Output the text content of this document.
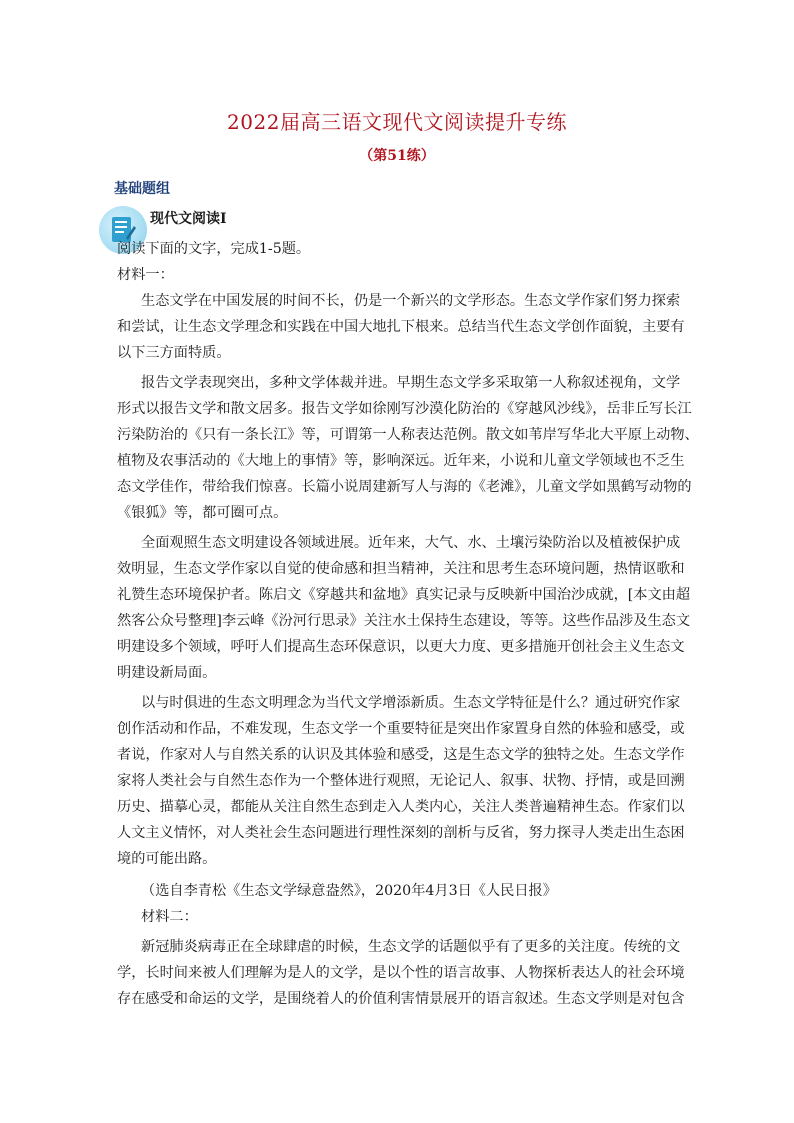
2022届高三语文现代文阅读提升专练
（第51练）
基础题组
现代文阅读Ⅰ
阅读下面的文字，完成1-5题。
材料一：
生态文学在中国发展的时间不长，仍是一个新兴的文学形态。生态文学作家们努力探索
和尝试，让生态文学理念和实践在中国大地扎下根来。总结当代生态文学创作面貌，主要有
以下三方面特质。
报告文学表现突出，多种文学体裁并进。早期生态文学多采取第一人称叙述视角，文学
形式以报告文学和散文居多。报告文学如徐刚写沙漠化防治的《穿越风沙线》，岳非丘写长江
污染防治的《只有一条长江》等，可谓第一人称表达范例。散文如苇岸写华北大平原上动物、
植物及农事活动的《大地上的事情》等，影响深远。近年来，小说和儿童文学领域也不乏生
态文学佳作，带给我们惊喜。长篇小说周建新写人与海的《老滩》，儿童文学如黑鹤写动物的
《银狐》等，都可圈可点。
全面观照生态文明建设各领域进展。近年来，大气、水、土壤污染防治以及植被保护成
效明显，生态文学作家以自觉的使命感和担当精神，关注和思考生态环境问题，热情讴歌和
礼赞生态环境保护者。陈启文《穿越共和盆地》真实记录与反映新中国治沙成就，[本文由超
然客公众号整理]李云峰《汾河行思录》关注水土保持生态建设，等等。这些作品涉及生态文
明建设多个领域，呼吁人们提高生态环保意识，以更大力度、更多措施开创社会主义生态文
明建设新局面。
以与时俱进的生态文明理念为当代文学增添新质。生态文学特征是什么？通过研究作家
创作活动和作品，不难发现，生态文学一个重要特征是突出作家置身自然的体验和感受，或
者说，作家对人与自然关系的认识及其体验和感受，这是生态文学的独特之处。生态文学作
家将人类社会与自然生态作为一个整体进行观照，无论记人、叙事、状物、抒情，或是回溯
历史、描摹心灵，都能从关注自然生态到走入人类内心，关注人类普遍精神生态。作家们以
人文主义情怀，对人类社会生态问题进行理性深刻的剖析与反省，努力探寻人类走出生态困
境的可能出路。
（选自李青松《生态文学绿意盎然》，2020年4月3日《人民日报》
材料二：
新冠肺炎病毒正在全球肆虐的时候，生态文学的话题似乎有了更多的关注度。传统的文
学，长时间来被人们理解为是人的文学，是以个性的语言故事、人物探析表达人的社会环境
存在感受和命运的文学，是围绕着人的价值利害情景展开的语言叙述。生态文学则是对包含
